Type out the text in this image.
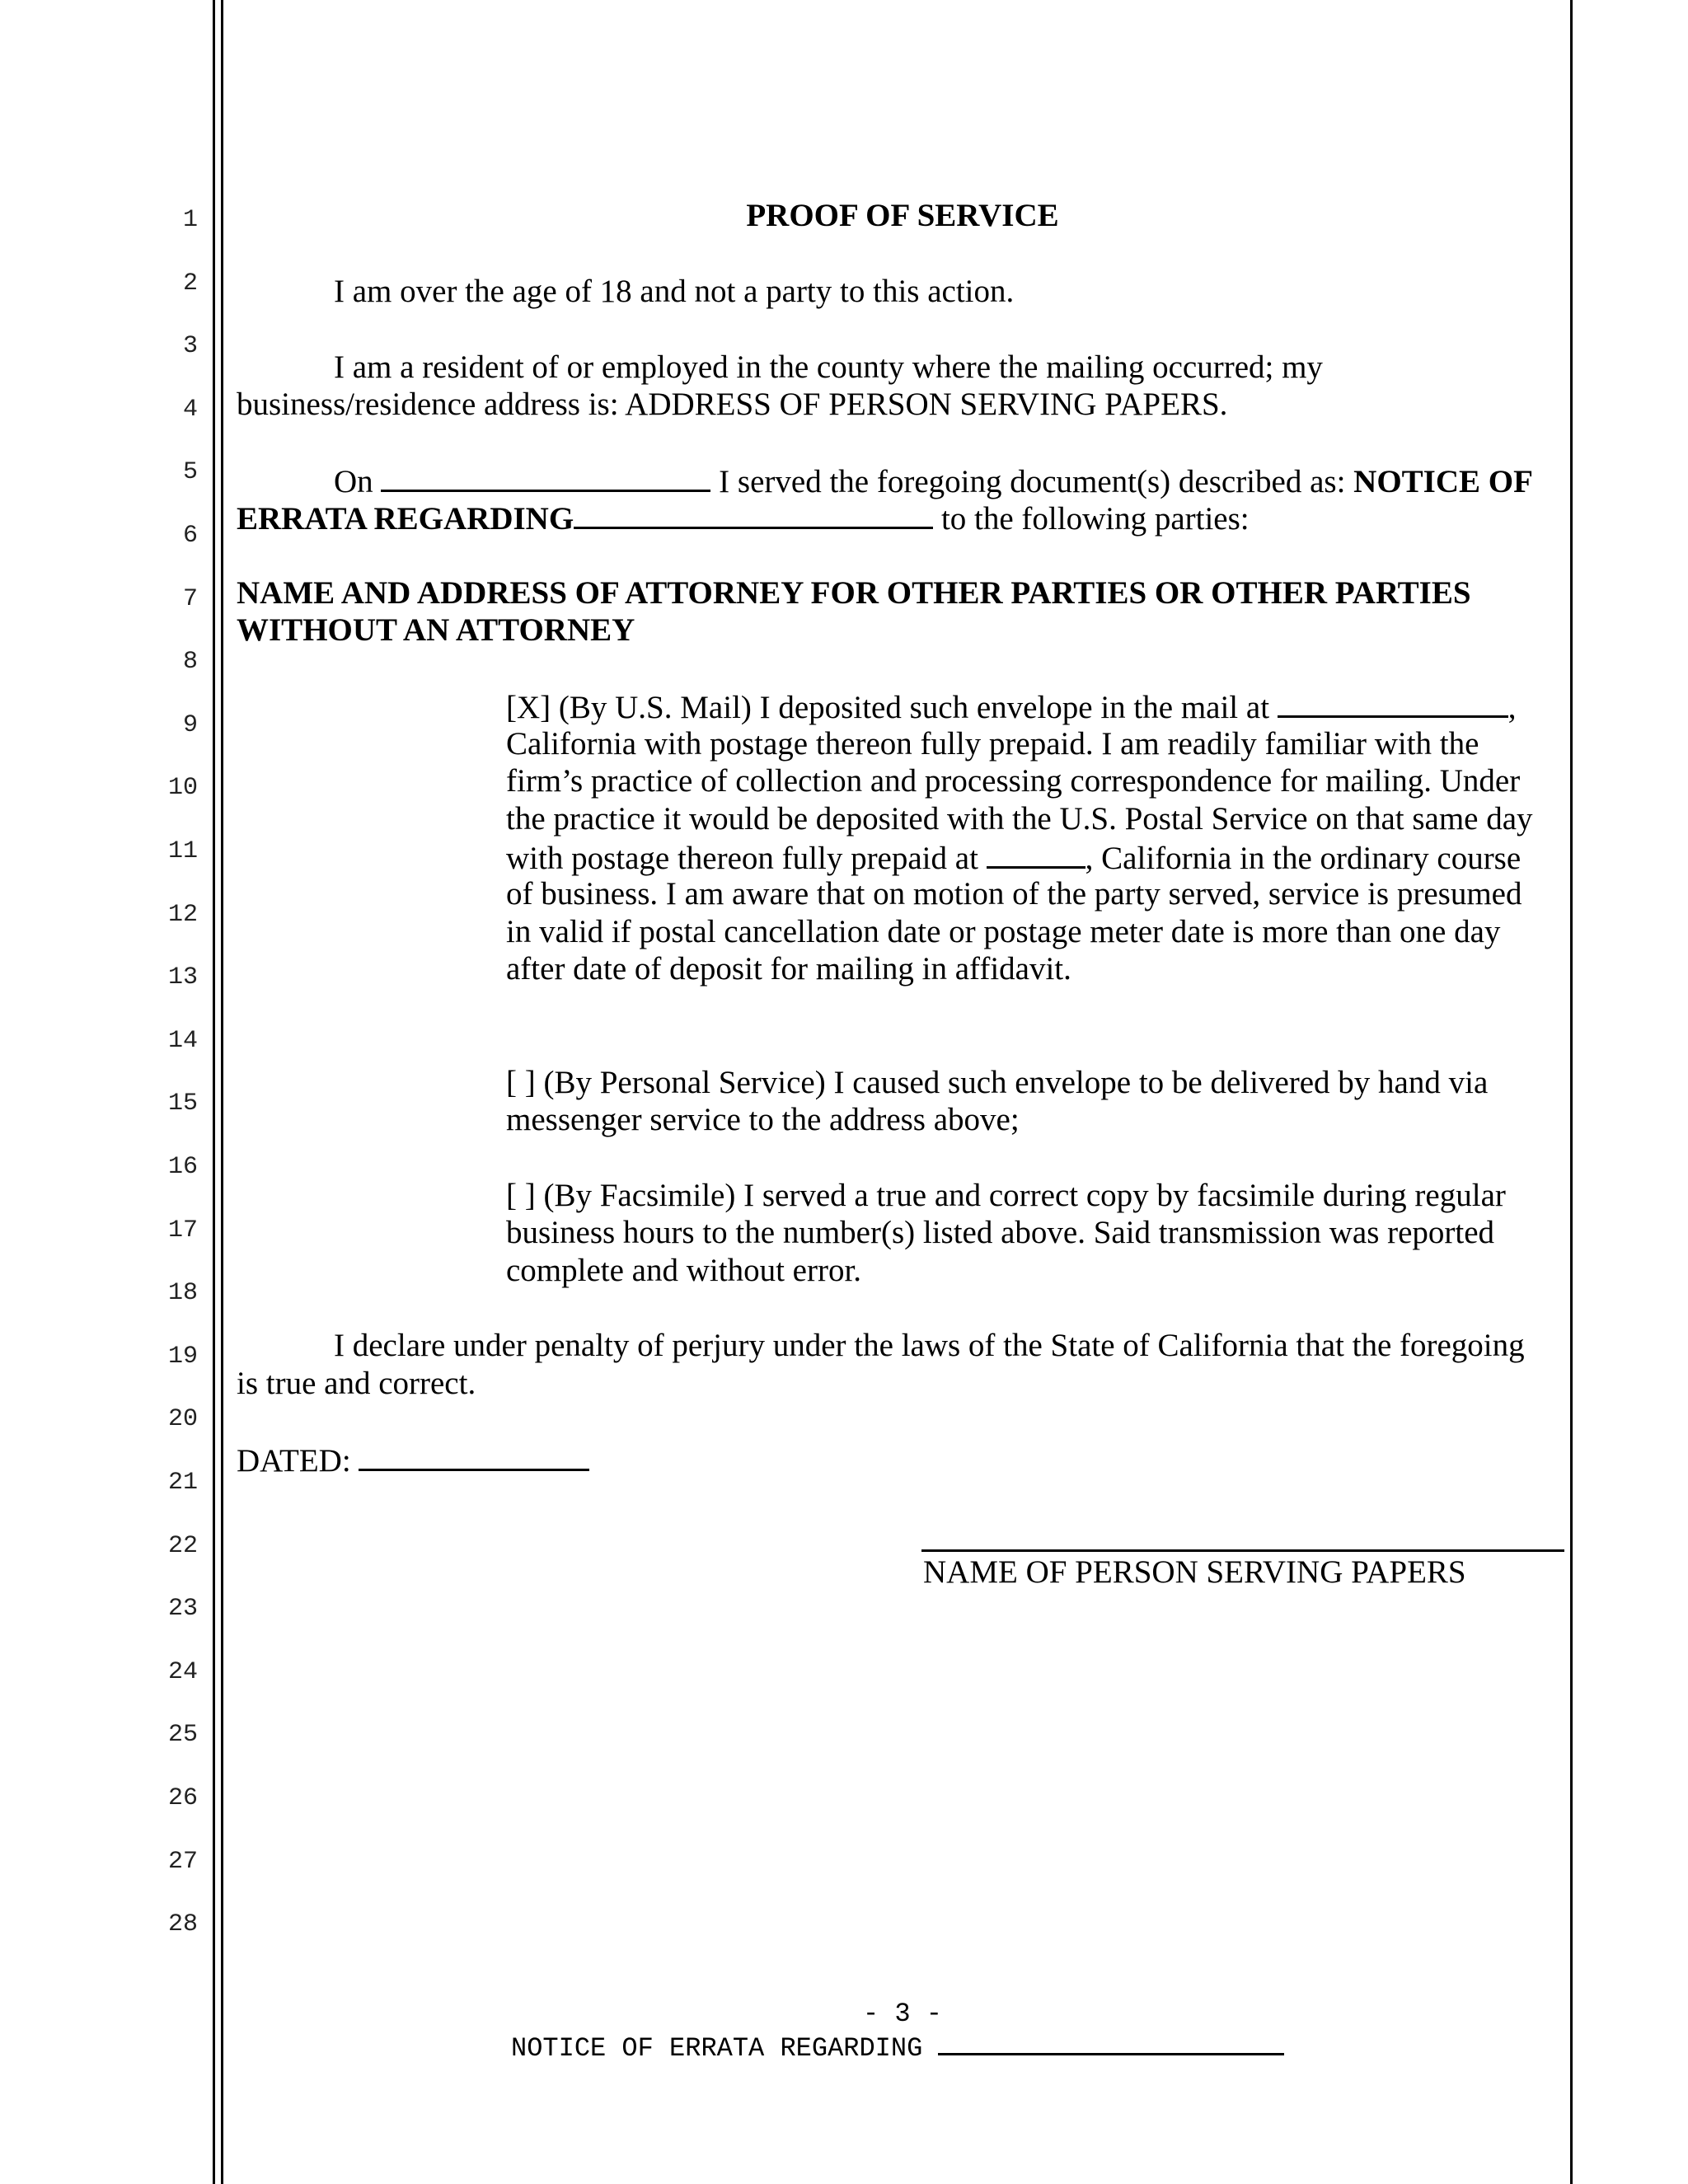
1
2
3
4
5
6
7
8
9
10
11
12
13
14
15
16
17
18
19
20
21
22
23
24
25
26
27
28
PROOF OF SERVICE
I am over the age of 18 and not a party to this action.
I am a resident of or employed in the county where the mailing occurred; my
business/residence address is: ADDRESS OF PERSON SERVING PAPERS.
On	I served the foregoing document(s) described as: NOTICE OF
ERRATA REGARDING	to the following parties:
NAME AND ADDRESS OF ATTORNEY FOR OTHER PARTIES OR OTHER PARTIES
WITHOUT AN ATTORNEY
[X] (By U.S. Mail) I deposited such envelope in the mail at	,
California with postage thereon fully prepaid. I am readily familiar with the
firm’s practice of collection and processing correspondence for mailing. Under
the practice it would be deposited with the U.S. Postal Service on that same day
with postage thereon fully prepaid at	, California in the ordinary course
of business. I am aware that on motion of the party served, service is presumed
in valid if postal cancellation date or postage meter date is more than one day
after date of deposit for mailing in affidavit.
[ ] (By Personal Service) I caused such envelope to be delivered by hand via
messenger service to the address above;
[ ] (By Facsimile) I served a true and correct copy by facsimile during regular
business hours to the number(s) listed above. Said transmission was reported
complete and without error.
I declare under penalty of perjury under the laws of the State of California that the foregoing
is true and correct.
DATED:
NAME OF PERSON SERVING PAPERS
- 3 -
NOTICE OF ERRATA REGARDING
